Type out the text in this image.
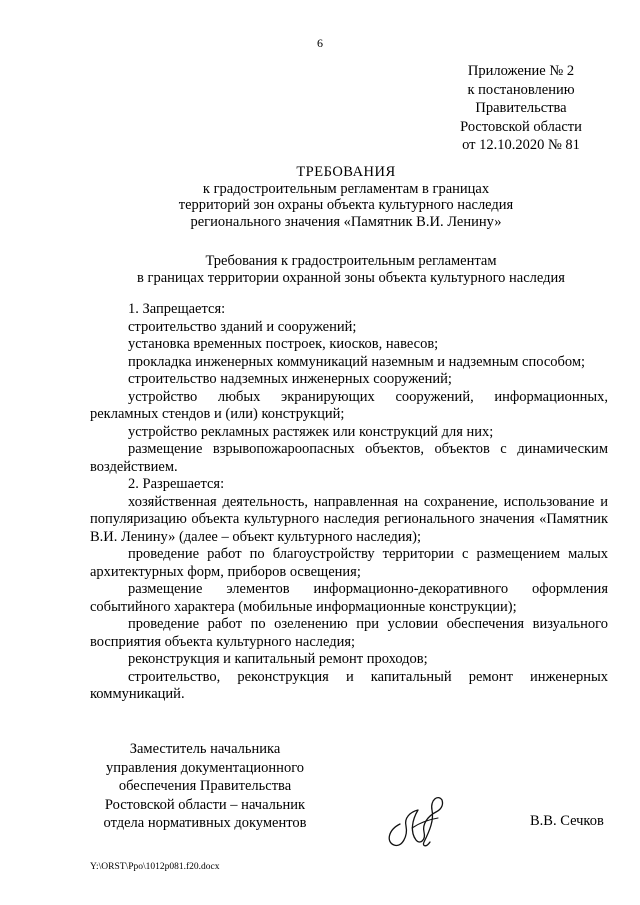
6
Приложение № 2
к постановлению
Правительства
Ростовской области
от 12.10.2020 № 81
ТРЕБОВАНИЯ
к градостроительным регламентам в границах
территорий зон охраны объекта культурного наследия
регионального значения «Памятник В.И. Ленину»
Требования к градостроительным регламентам
в границах территории охранной зоны объекта культурного наследия
1. Запрещается:
строительство зданий и сооружений;
установка временных построек, киосков, навесов;
прокладка инженерных коммуникаций наземным и надземным способом;
строительство надземных инженерных сооружений;
устройство любых экранирующих сооружений, информационных, рекламных стендов и (или) конструкций;
устройство рекламных растяжек или конструкций для них;
размещение взрывопожароопасных объектов, объектов с динамическим воздействием.
2. Разрешается:
хозяйственная деятельность, направленная на сохранение, использование и популяризацию объекта культурного наследия регионального значения «Памятник В.И. Ленину» (далее – объект культурного наследия);
проведение работ по благоустройству территории с размещением малых архитектурных форм, приборов освещения;
размещение элементов информационно-декоративного оформления событийного характера (мобильные информационные конструкции);
проведение работ по озеленению при условии обеспечения визуального восприятия объекта культурного наследия;
реконструкция и капитальный ремонт проходов;
строительство, реконструкция и капитальный ремонт инженерных коммуникаций.
Заместитель начальника
управления документационного
обеспечения Правительства
Ростовской области – начальник
отдела нормативных документов	В.В. Сечков
Y:\ORST\Ppo\1012p081.f20.docx
